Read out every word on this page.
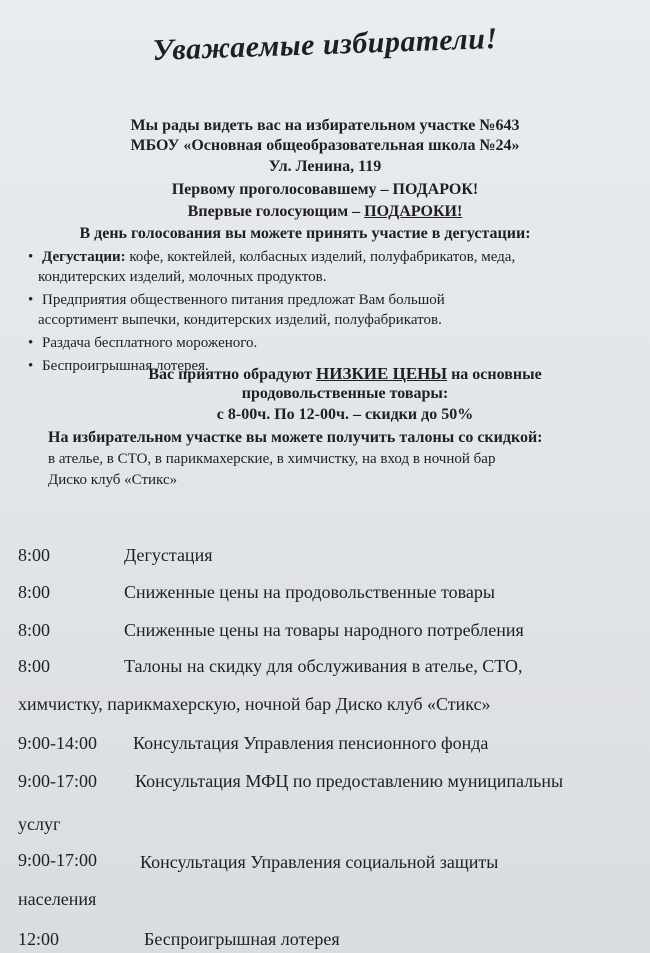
Уважаемые избиратели!
Мы рады видеть вас на избирательном участке №643
МБОУ «Основная общеобразовательная школа №24»
Ул. Ленина, 119
Первому проголосовавшему – ПОДАРОК!
Впервые голосующим – ПОДАРОКИ!
В день голосования вы можете принять участие в дегустации:
• Дегустации: кофе, коктейлей, колбасных изделий, полуфабрикатов, меда,
кондитерских изделий, молочных продуктов.
• Предприятия общественного питания предложат Вам большой
ассортимент выпечки, кондитерских изделий, полуфабрикатов.
• Раздача бесплатного мороженого.
• Беспроигрышная лотерея.
Вас приятно обрадуют НИЗКИЕ ЦЕНЫ на основные
продовольственные товары:
с 8-00ч. По 12-00ч. – скидки до 50%
На избирательном участке вы можете получить талоны со скидкой:
в ателье, в СТО, в парикмахерские, в химчистку, на вход в ночной бар
Диско клуб «Стикс»
8:00	Дегустация
8:00	Сниженные цены на продовольственные товары
8:00	Сниженные цены на товары народного потребления
8:00	Талоны на скидку для обслуживания в ателье, СТО,
химчистку, парикмахерскую, ночной бар Диско клуб «Стикс»
9:00-14:00 Консультация Управления пенсионного фонда
9:00-17:00 Консультация МФЦ по предоставлению муниципальны
услуг
9:00-17:00 Консультация Управления социальной защиты
населения
12:00	Беспроигрышная лотерея
